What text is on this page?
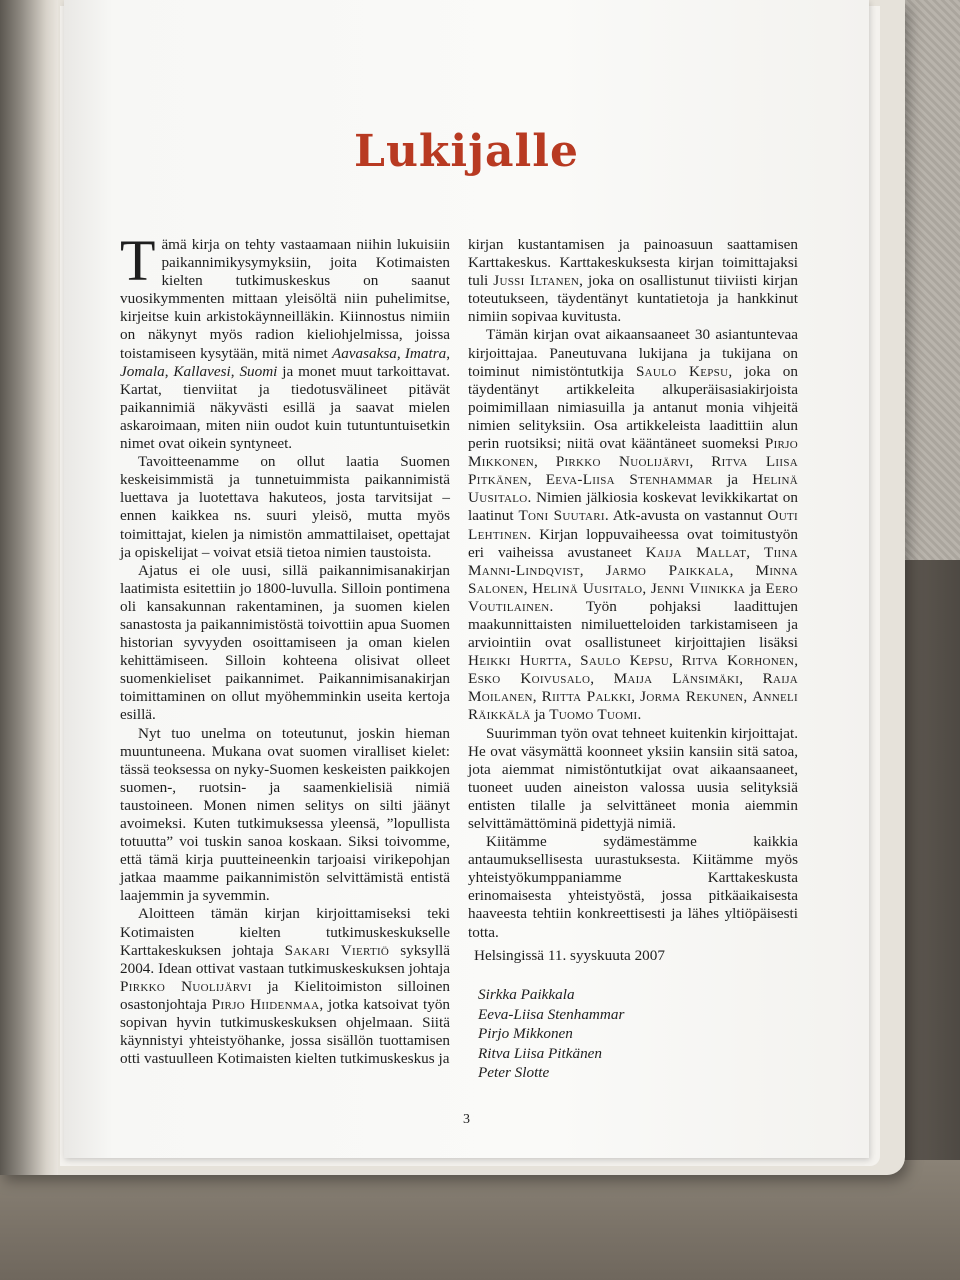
Lukijalle

Tämä kirja on tehty vastaamaan niihin lukuisiin paikannimikysymyksiin, joita Kotimaisten kielten tutkimuskeskus on saanut vuosikymmenten mittaan yleisöltä niin puhelimitse, kirjeitse kuin arkistokäynneilläkin. Kiinnostus nimiin on näkynyt myös radion kieliohjelmissa, joissa toistamiseen kysytään, mitä nimet Aavasaksa, Imatra, Jomala, Kallavesi, Suomi ja monet muut tarkoittavat. Kartat, tienviitat ja tiedotusvälineet pitävät paikannimiä näkyvästi esillä ja saavat mielen askaroimaan, miten niin oudot kuin tutuntuntuisetkin nimet ovat oikein syntyneet.

Tavoitteenamme on ollut laatia Suomen keskeisimmistä ja tunnetuimmista paikannimistä luettava ja luotettava hakuteos, josta tarvitsijat – ennen kaikkea ns. suuri yleisö, mutta myös toimittajat, kielen ja nimistön ammattilaiset, opettajat ja opiskelijat – voivat etsiä tietoa nimien taustoista.

Ajatus ei ole uusi, sillä paikannimisanakirjan laatimista esitettiin jo 1800-luvulla. Silloin pontimena oli kansakunnan rakentaminen, ja suomen kielen sanastosta ja paikannimistöstä toivottiin apua Suomen historian syvyyden osoittamiseen ja oman kielen kehittämiseen. Silloin kohteena olisivat olleet suomenkieliset paikannimet. Paikannimisanakirjan toimittaminen on ollut myöhemminkin useita kertoja esillä.

Nyt tuo unelma on toteutunut, joskin hieman muuntuneena. Mukana ovat suomen viralliset kielet: tässä teoksessa on nyky-Suomen keskeisten paikkojen suomen-, ruotsin- ja saamenkielisiä nimiä taustoineen. Monen nimen selitys on silti jäänyt avoimeksi. Kuten tutkimuksessa yleensä, ”lopullista totuutta” voi tuskin sanoa koskaan. Siksi toivomme, että tämä kirja puutteineenkin tarjoaisi virikepohjan jatkaa maamme paikannimistön selvittämistä entistä laajemmin ja syvemmin.

Aloitteen tämän kirjan kirjoittamiseksi teki Kotimaisten kielten tutkimuskeskukselle Karttakeskuksen johtaja Sakari Viertiö syksyllä 2004. Idean ottivat vastaan tutkimuskeskuksen johtaja Pirkko Nuolijärvi ja Kielitoimiston silloinen osastonjohtaja Pirjo Hiidenmaa, jotka katsoivat työn sopivan hyvin tutkimuskeskuksen ohjelmaan. Siitä käynnistyi yhteistyöhanke, jossa sisällön tuottamisen otti vastuulleen Kotimaisten kielten tutkimuskeskus ja

kirjan kustantamisen ja painoasuun saattamisen Karttakeskus. Karttakeskuksesta kirjan toimittajaksi tuli Jussi Iltanen, joka on osallistunut tiiviisti kirjan toteutukseen, täydentänyt kuntatietoja ja hankkinut nimiin sopivaa kuvitusta.

Tämän kirjan ovat aikaansaaneet 30 asiantuntevaa kirjoittajaa. Paneutuvana lukijana ja tukijana on toiminut nimistöntutkija Saulo Kepsu, joka on täydentänyt artikkeleita alkuperäisasiakirjoista poimimillaan nimiasuilla ja antanut monia vihjeitä nimien selityksiin. Osa artikkeleista laadittiin alun perin ruotsiksi; niitä ovat kääntäneet suomeksi Pirjo Mikkonen, Pirkko Nuolijärvi, Ritva Liisa Pitkänen, Eeva-Liisa Stenhammar ja Helinä Uusitalo. Nimien jälkiosia koskevat levikkikartat on laatinut Toni Suutari. Atk-avusta on vastannut Outi Lehtinen. Kirjan loppuvaiheessa ovat toimitustyön eri vaiheissa avustaneet Kaija Mallat, Tiina Manni-Lindqvist, Jarmo Paikkala, Minna Salonen, Helinä Uusitalo, Jenni Viinikka ja Eero Voutilainen. Työn pohjaksi laadittujen maakunnittaisten nimiluetteloiden tarkistamiseen ja arviointiin ovat osallistuneet kirjoittajien lisäksi Heikki Hurtta, Saulo Kepsu, Ritva Korhonen, Esko Koivusalo, Maija Länsimäki, Raija Moilanen, Riitta Palkki, Jorma Rekunen, Anneli Räikkälä ja Tuomo Tuomi.

Suurimman työn ovat tehneet kuitenkin kirjoittajat. He ovat väsymättä koonneet yksiin kansiin sitä satoa, jota aiemmat nimistöntutkijat ovat aikaansaaneet, tuoneet uuden aineiston valossa uusia selityksiä entisten tilalle ja selvittäneet monia aiemmin selvittämättöminä pidettyjä nimiä.

Kiitämme sydämestämme kaikkia antaumuksellisesta uurastuksesta. Kiitämme myös yhteistyökumppaniamme Karttakeskusta erinomaisesta yhteistyöstä, jossa pitkäaikaisesta haaveesta tehtiin konkreettisesti ja lähes yltiöpäisesti totta.

Helsingissä 11. syyskuuta 2007
Sirkka Paikkala
Eeva-Liisa Stenhammar
Pirjo Mikkonen
Ritva Liisa Pitkänen
Peter Slotte
3
